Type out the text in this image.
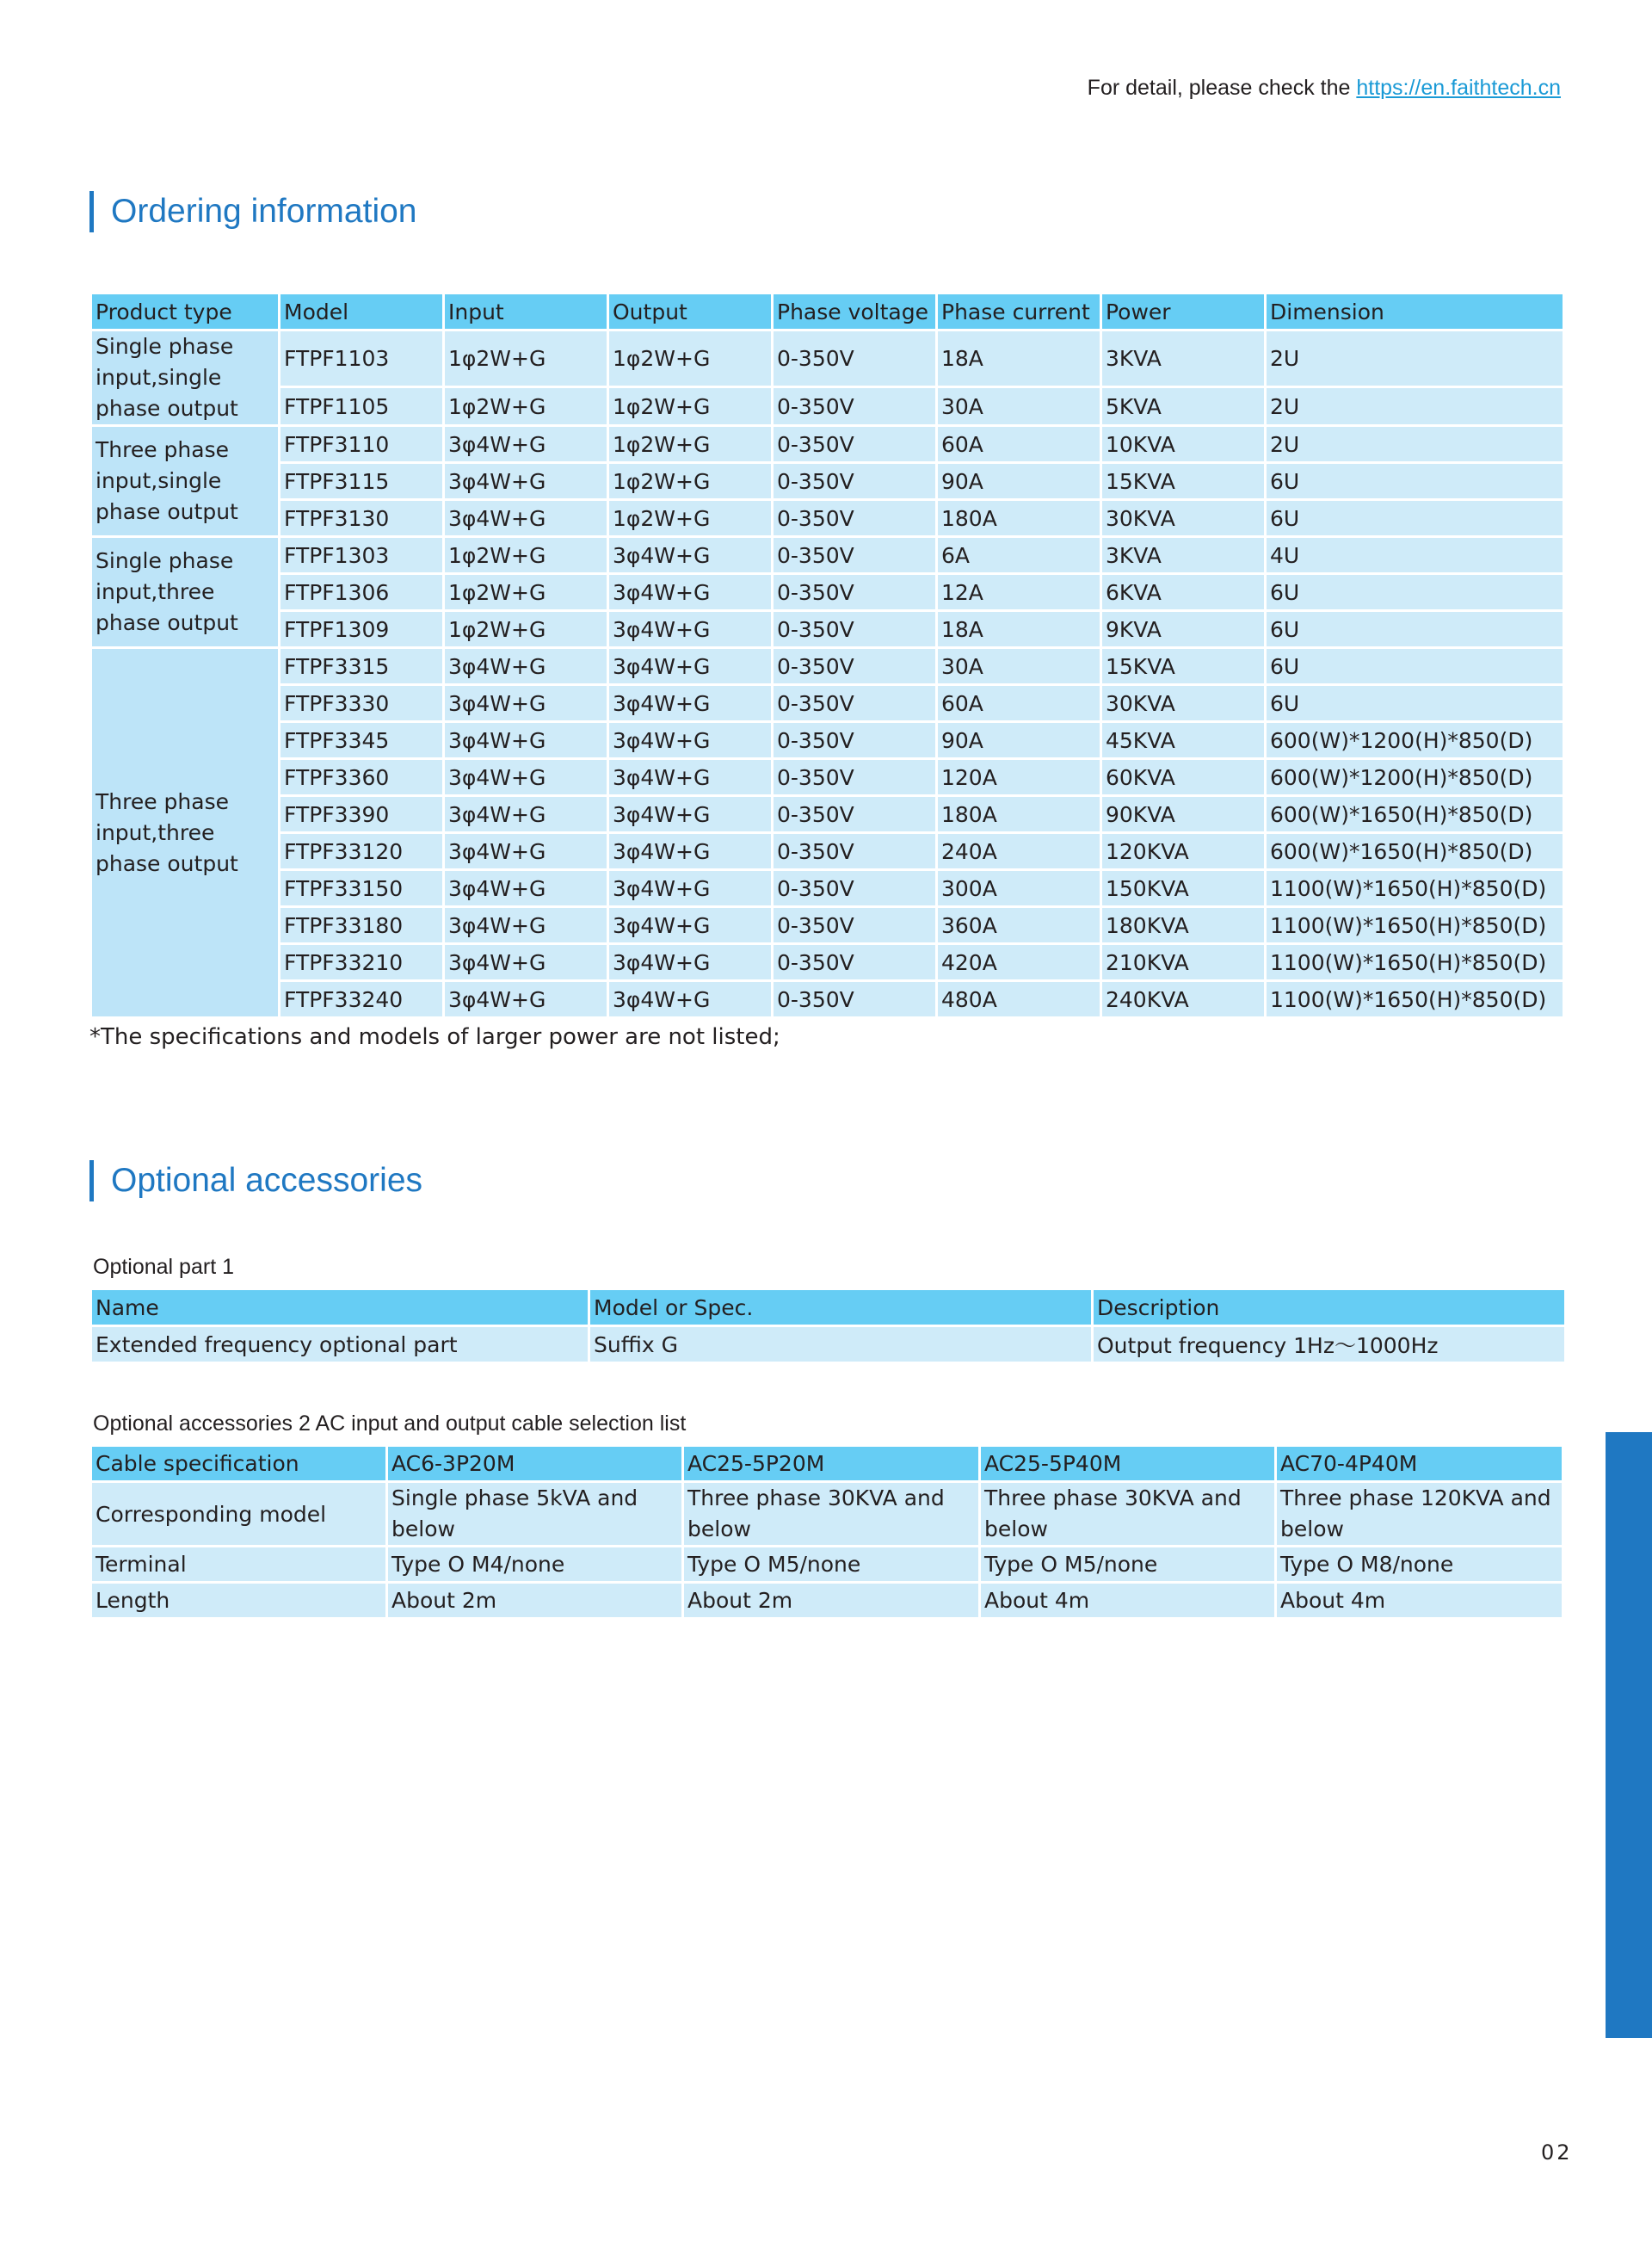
For detail, please check the https://en.faithtech.cn
Ordering information
Product type	Model	Input	Output	Phase voltage	Phase current	Power	Dimension
Single phase input,single phase output	FTPF1103	1φ2W+G	1φ2W+G	0-350V	18A	3KVA	2U
	FTPF1105	1φ2W+G	1φ2W+G	0-350V	30A	5KVA	2U
Three phase input,single phase output	FTPF3110	3φ4W+G	1φ2W+G	0-350V	60A	10KVA	2U
	FTPF3115	3φ4W+G	1φ2W+G	0-350V	90A	15KVA	6U
	FTPF3130	3φ4W+G	1φ2W+G	0-350V	180A	30KVA	6U
Single phase input,three phase output	FTPF1303	1φ2W+G	3φ4W+G	0-350V	6A	3KVA	4U
	FTPF1306	1φ2W+G	3φ4W+G	0-350V	12A	6KVA	6U
	FTPF1309	1φ2W+G	3φ4W+G	0-350V	18A	9KVA	6U
Three phase input,three phase output	FTPF3315	3φ4W+G	3φ4W+G	0-350V	30A	15KVA	6U
	FTPF3330	3φ4W+G	3φ4W+G	0-350V	60A	30KVA	6U
	FTPF3345	3φ4W+G	3φ4W+G	0-350V	90A	45KVA	600(W)*1200(H)*850(D)
	FTPF3360	3φ4W+G	3φ4W+G	0-350V	120A	60KVA	600(W)*1200(H)*850(D)
	FTPF3390	3φ4W+G	3φ4W+G	0-350V	180A	90KVA	600(W)*1650(H)*850(D)
	FTPF33120	3φ4W+G	3φ4W+G	0-350V	240A	120KVA	600(W)*1650(H)*850(D)
	FTPF33150	3φ4W+G	3φ4W+G	0-350V	300A	150KVA	1100(W)*1650(H)*850(D)
	FTPF33180	3φ4W+G	3φ4W+G	0-350V	360A	180KVA	1100(W)*1650(H)*850(D)
	FTPF33210	3φ4W+G	3φ4W+G	0-350V	420A	210KVA	1100(W)*1650(H)*850(D)
	FTPF33240	3φ4W+G	3φ4W+G	0-350V	480A	240KVA	1100(W)*1650(H)*850(D)
*The specifications and models of larger power are not listed;
Optional accessories
Optional part 1
Name	Model or Spec.	Description
Extended frequency optional part	Suffix G	Output frequency 1Hz～1000Hz
Optional accessories 2 AC input and output cable selection list
Cable specification	AC6-3P20M	AC25-5P20M	AC25-5P40M	AC70-4P40M
Corresponding model	Single phase 5kVA and below	Three phase 30KVA and below	Three phase 30KVA and below	Three phase 120KVA and below
Terminal	Type O M4/none	Type O M5/none	Type O M5/none	Type O M8/none
Length	About 2m	About 2m	About 4m	About 4m
02
